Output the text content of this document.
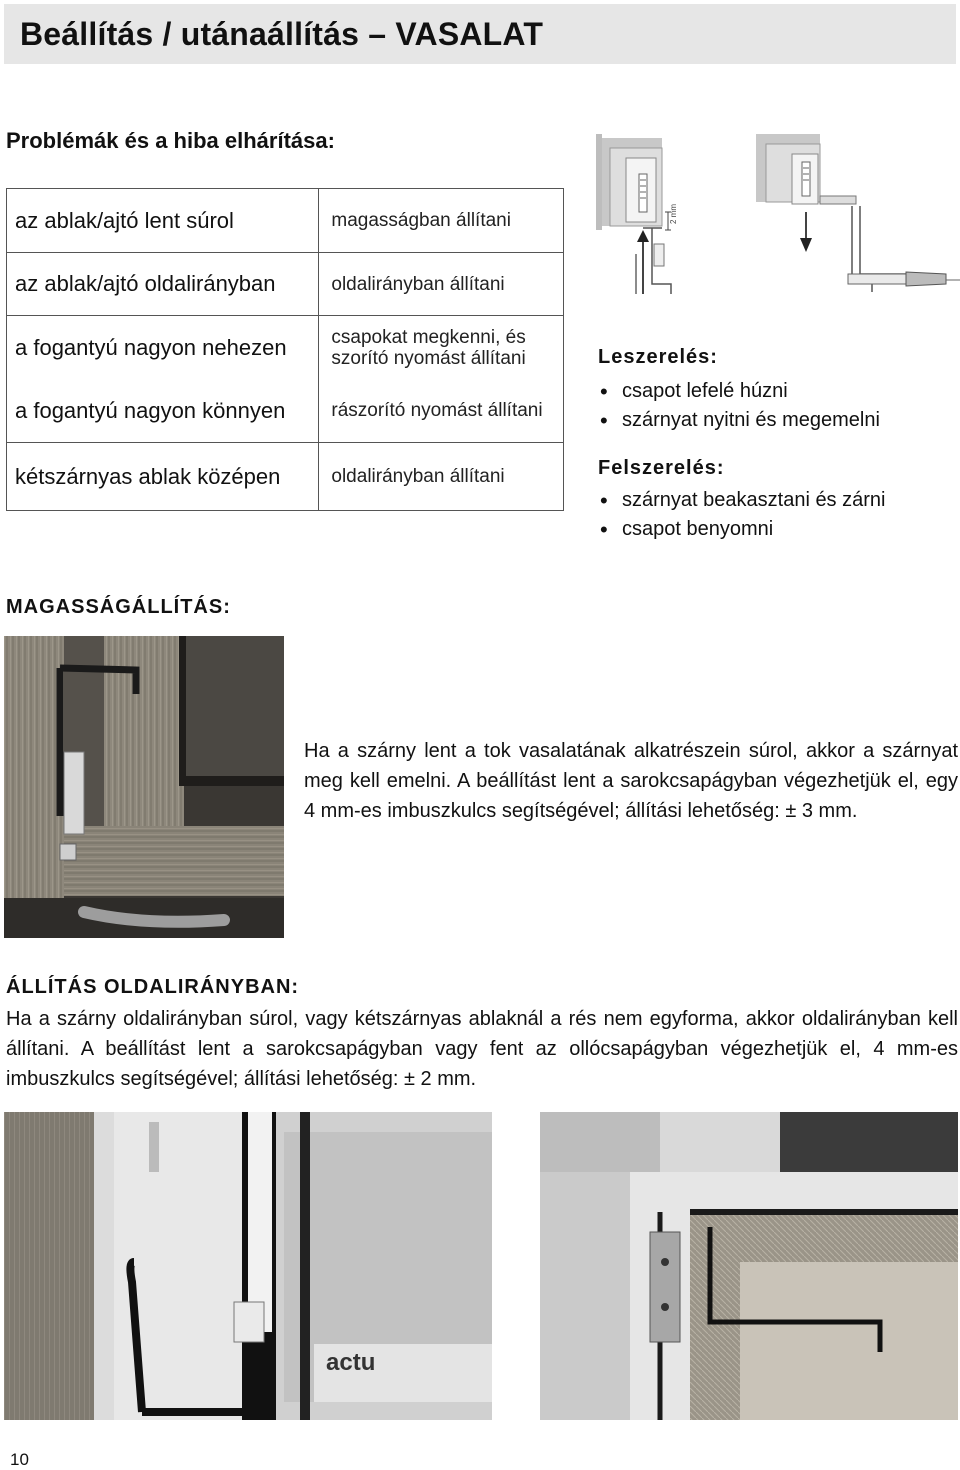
Beállítás / utánaállítás – VASALAT
Problémák és a hiba elhárítása:
az ablak/ajtó lent súrol	magasságban állítani
az ablak/ajtó oldalirányban	oldalirányban állítani
a fogantyú nagyon nehezen	csapokat megkenni, és szorító nyomást állítani
a fogantyú nagyon könnyen	rászorító nyomást állítani
kétszárnyas ablak középen	oldalirányban állítani
2 mm
Leszerelés:
• csapot lefelé húzni
• szárnyat nyitni és megemelni
Felszerelés:
• szárnyat beakasztani és zárni
• csapot benyomni
MAGASSÁGÁLLÍTÁS:
Ha a szárny lent a tok vasalatának alkatrészein súrol, akkor a szárnyat meg kell emelni. A beállítást lent a sarokcsapágyban végezhetjük el, egy 4 mm-es imbuszkulcs segítségével; állítási lehetőség: ± 3 mm.
ÁLLÍTÁS OLDALIRÁNYBAN:
Ha a szárny oldalirányban súrol, vagy kétszárnyas ablaknál a rés nem egyforma, akkor oldalirányban kell állítani. A beállítást lent a sarokcsapágyban vagy fent az ollócsapágyban végezhetjük el, 4 mm-es imbuszkulcs segítségével; állítási lehetőség: ± 2 mm.
actu
10
